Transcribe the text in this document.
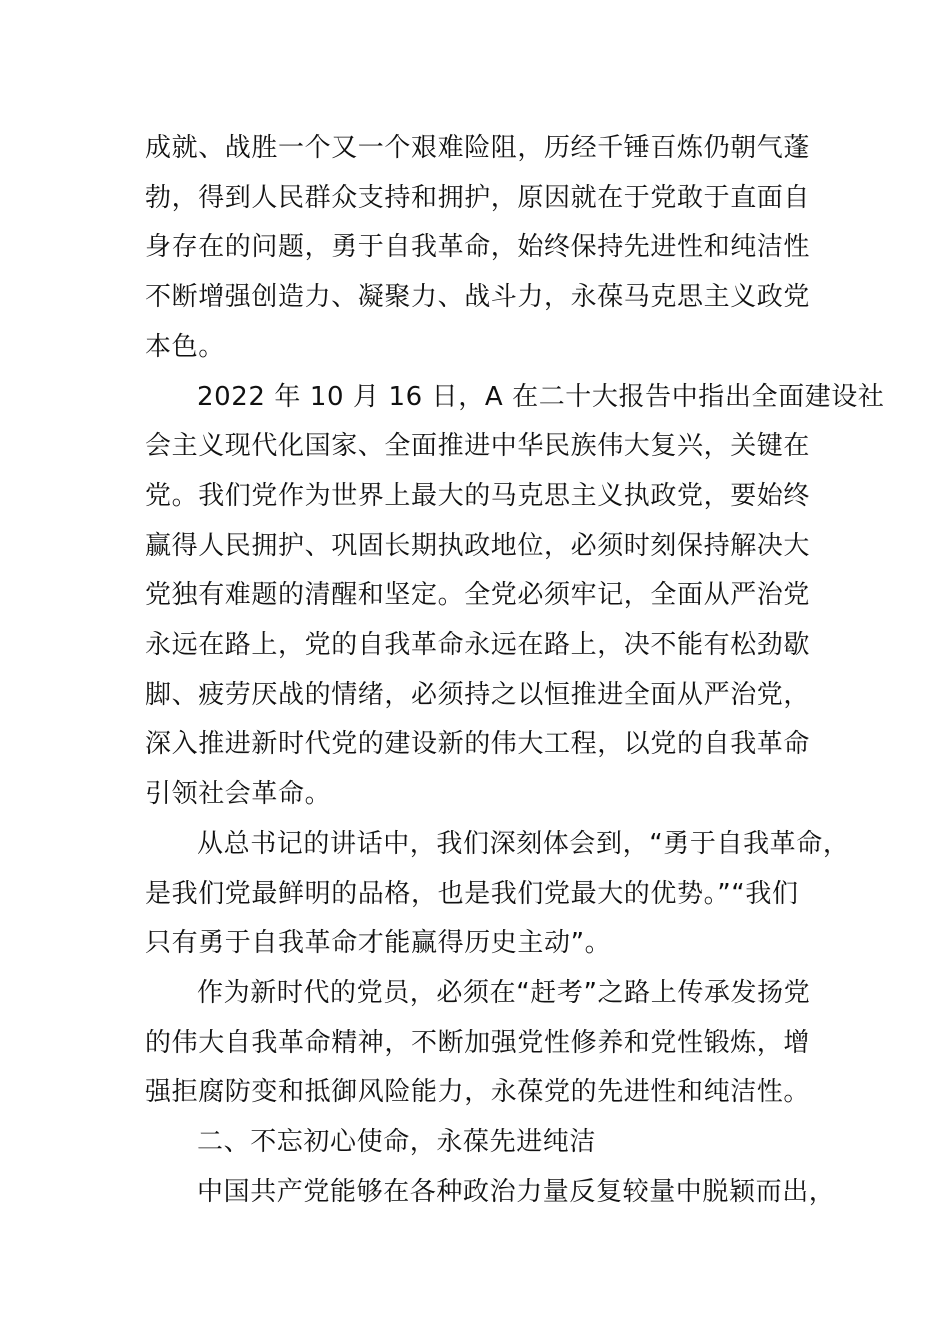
成就、战胜一个又一个艰难险阻，历经千锤百炼仍朝气蓬
勃，得到人民群众支持和拥护，原因就在于党敢于直面自
身存在的问题，勇于自我革命，始终保持先进性和纯洁性
不断增强创造力、凝聚力、战斗力，永葆马克思主义政党
本色。

2022 年 10 月 16 日，A 在二十大报告中指出全面建设社
会主义现代化国家、全面推进中华民族伟大复兴，关键在
党。我们党作为世界上最大的马克思主义执政党，要始终
赢得人民拥护、巩固长期执政地位，必须时刻保持解决大
党独有难题的清醒和坚定。全党必须牢记，全面从严治党
永远在路上，党的自我革命永远在路上，决不能有松劲歇
脚、疲劳厌战的情绪，必须持之以恒推进全面从严治党，
深入推进新时代党的建设新的伟大工程，以党的自我革命
引领社会革命。

从总书记的讲话中，我们深刻体会到，“勇于自我革命，
是我们党最鲜明的品格，也是我们党最大的优势。”“我们
只有勇于自我革命才能赢得历史主动”。

作为新时代的党员，必须在“赶考”之路上传承发扬党
的伟大自我革命精神，不断加强党性修养和党性锻炼，增
强拒腐防变和抵御风险能力，永葆党的先进性和纯洁性。

二、不忘初心使命，永葆先进纯洁

中国共产党能够在各种政治力量反复较量中脱颖而出，
